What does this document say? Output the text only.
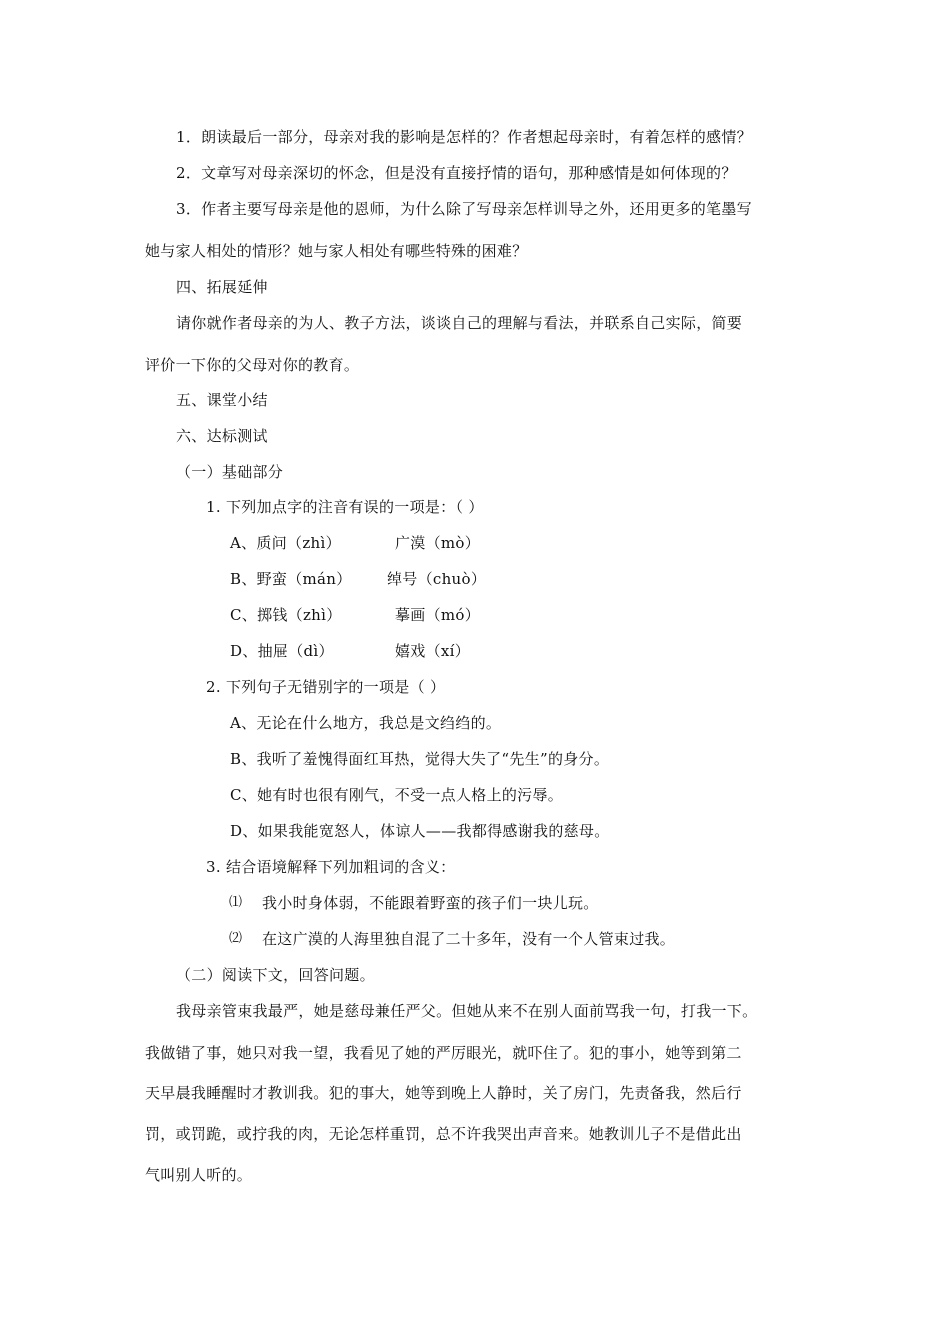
1．朗读最后一部分，母亲对我的影响是怎样的？作者想起母亲时，有着怎样的感情？
2．文章写对母亲深切的怀念，但是没有直接抒情的语句，那种感情是如何体现的？
3．作者主要写母亲是他的恩师，为什么除了写母亲怎样训导之外，还用更多的笔墨写
她与家人相处的情形？她与家人相处有哪些特殊的困难？
四、拓展延伸
请你就作者母亲的为人、教子方法，谈谈自己的理解与看法，并联系自己实际，简要
评价一下你的父母对你的教育。
五、课堂小结
六、达标测试
（一）基础部分
1. 下列加点字的注音有误的一项是：（ ）
A、质问（zhì）	广漠（mò）
B、野蛮（mán） 绰号（chuò）
C、掷钱（zhì）	摹画（mó）
D、抽屉（dì）	嬉戏（xí）
2. 下列句子无错别字的一项是（ ）
A、无论在什么地方，我总是文绉绉的。
B、我听了羞愧得面红耳热，觉得大失了“先生”的身分。
C、她有时也很有刚气，不受一点人格上的污辱。
D、如果我能宽怒人，体谅人——我都得感谢我的慈母。
3. 结合语境解释下列加粗词的含义：
⑴ 我小时身体弱，不能跟着野蛮的孩子们一块儿玩。
⑵ 在这广漠的人海里独自混了二十多年，没有一个人管束过我。
（二）阅读下文，回答问题。
我母亲管束我最严，她是慈母兼任严父。但她从来不在别人面前骂我一句，打我一下。
我做错了事，她只对我一望，我看见了她的严厉眼光，就吓住了。犯的事小，她等到第二
天早晨我睡醒时才教训我。犯的事大，她等到晚上人静时，关了房门，先责备我，然后行
罚，或罚跪，或拧我的肉，无论怎样重罚，总不许我哭出声音来。她教训儿子不是借此出
气叫别人听的。
